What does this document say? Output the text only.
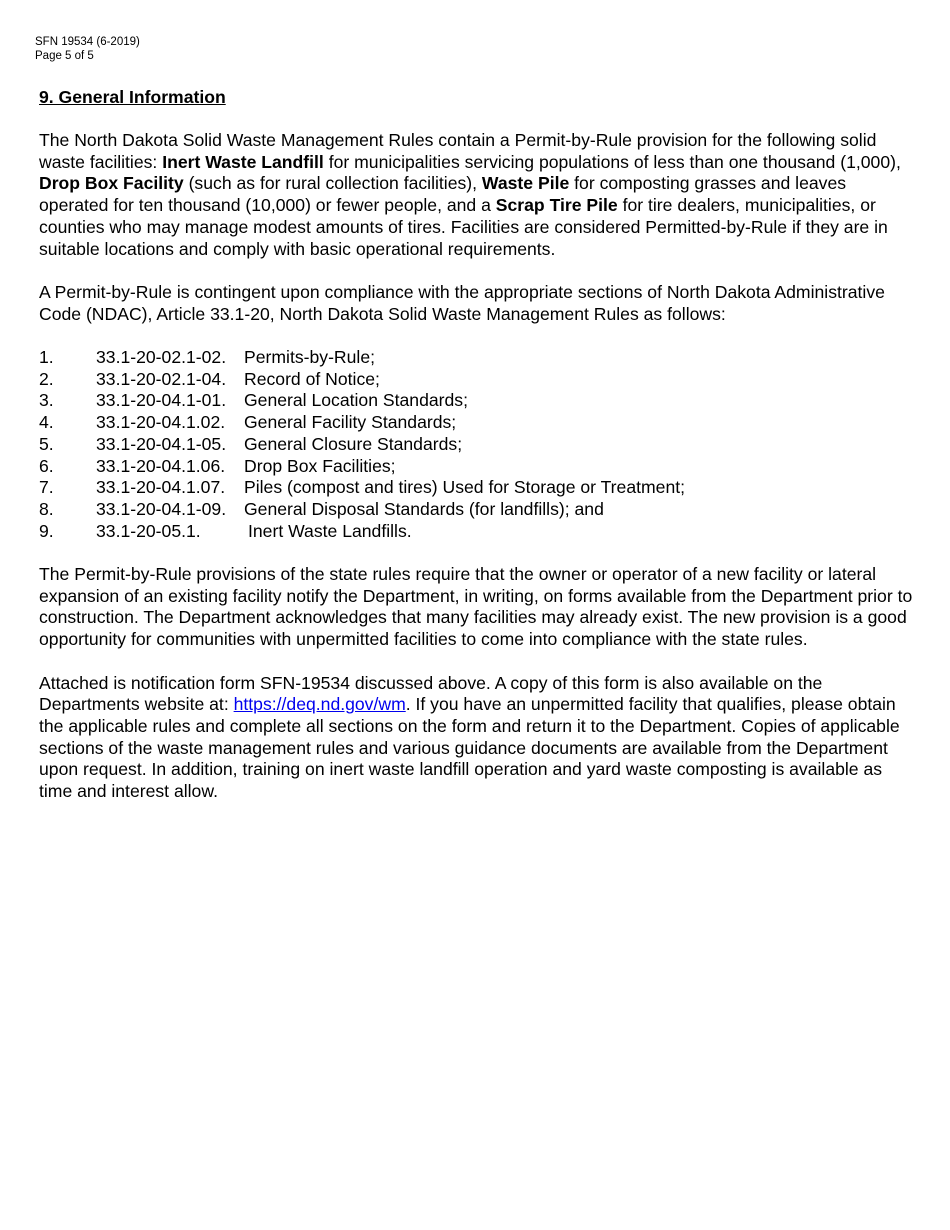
SFN 19534 (6-2019)
Page 5 of 5
9. General Information

The North Dakota Solid Waste Management Rules contain a Permit-by-Rule provision for the following solid waste facilities: Inert Waste Landfill for municipalities servicing populations of less than one thousand (1,000), Drop Box Facility (such as for rural collection facilities), Waste Pile for composting grasses and leaves operated for ten thousand (10,000) or fewer people, and a Scrap Tire Pile for tire dealers, municipalities, or counties who may manage modest amounts of tires. Facilities are considered Permitted-by-Rule if they are in suitable locations and comply with basic operational requirements.

A Permit-by-Rule is contingent upon compliance with the appropriate sections of North Dakota Administrative Code (NDAC), Article 33.1-20, North Dakota Solid Waste Management Rules as follows:

1.	33.1-20-02.1-02.	Permits-by-Rule;
2.	33.1-20-02.1-04.	Record of Notice;
3.	33.1-20-04.1-01.	General Location Standards;
4.	33.1-20-04.1.02.	General Facility Standards;
5.	33.1-20-04.1-05.	General Closure Standards;
6.	33.1-20-04.1.06.	Drop Box Facilities;
7.	33.1-20-04.1.07.	Piles (compost and tires) Used for Storage or Treatment;
8.	33.1-20-04.1-09.	General Disposal Standards (for landfills); and
9.	33.1-20-05.1.	Inert Waste Landfills.

The Permit-by-Rule provisions of the state rules require that the owner or operator of a new facility or lateral expansion of an existing facility notify the Department, in writing, on forms available from the Department prior to construction. The Department acknowledges that many facilities may already exist. The new provision is a good opportunity for communities with unpermitted facilities to come into compliance with the state rules.

Attached is notification form SFN-19534 discussed above. A copy of this form is also available on the Departments website at: https://deq.nd.gov/wm. If you have an unpermitted facility that qualifies, please obtain the applicable rules and complete all sections on the form and return it to the Department. Copies of applicable sections of the waste management rules and various guidance documents are available from the Department upon request. In addition, training on inert waste landfill operation and yard waste composting is available as time and interest allow.
